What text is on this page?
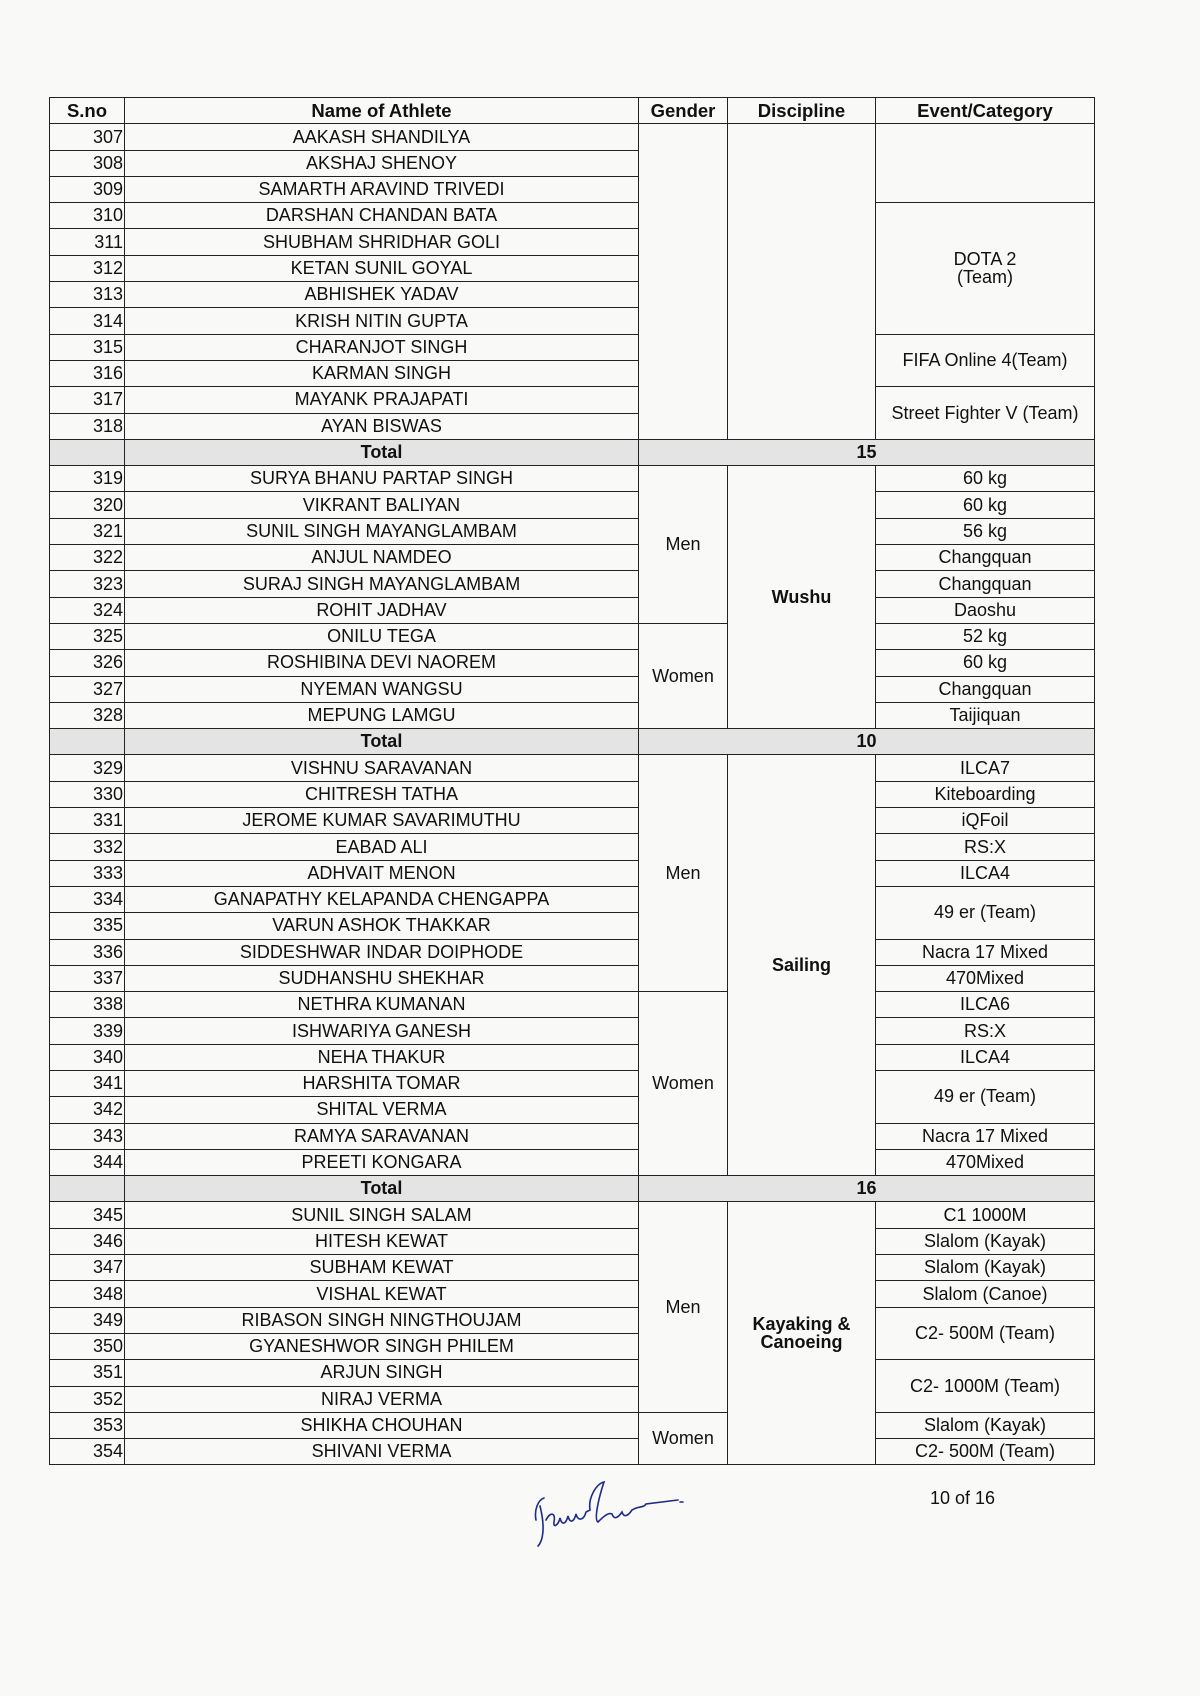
S.no	Name of Athlete	Gender	Discipline	Event/Category
307	AAKASH SHANDILYA			
308	AKSHAJ SHENOY			
309	SAMARTH ARAVIND TRIVEDI			
310	DARSHAN CHANDAN BATA			DOTA 2
(Team)
311	SHUBHAM SHRIDHAR GOLI			
312	KETAN SUNIL GOYAL			
313	ABHISHEK YADAV			
314	KRISH NITIN GUPTA			
315	CHARANJOT SINGH			FIFA Online 4(Team)
316	KARMAN SINGH			
317	MAYANK PRAJAPATI			Street Fighter V (Team)
318	AYAN BISWAS			
	Total	15		
319	SURYA BHANU PARTAP SINGH	Men	Wushu	60 kg
320	VIKRANT BALIYAN			60 kg
321	SUNIL SINGH MAYANGLAMBAM			56 kg
322	ANJUL NAMDEO			Changquan
323	SURAJ SINGH MAYANGLAMBAM			Changquan
324	ROHIT JADHAV			Daoshu
325	ONILU TEGA	Women		52 kg
326	ROSHIBINA DEVI NAOREM			60 kg
327	NYEMAN WANGSU			Changquan
328	MEPUNG LAMGU			Taijiquan
	Total	10		
329	VISHNU SARAVANAN	Men	Sailing	ILCA7
330	CHITRESH TATHA			Kiteboarding
331	JEROME KUMAR SAVARIMUTHU			iQFoil
332	EABAD ALI			RS:X
333	ADHVAIT MENON			ILCA4
334	GANAPATHY KELAPANDA CHENGAPPA			49 er (Team)
335	VARUN ASHOK THAKKAR			
336	SIDDESHWAR INDAR DOIPHODE			Nacra 17 Mixed
337	SUDHANSHU SHEKHAR			470Mixed
338	NETHRA KUMANAN	Women		ILCA6
339	ISHWARIYA GANESH			RS:X
340	NEHA THAKUR			ILCA4
341	HARSHITA TOMAR			49 er (Team)
342	SHITAL VERMA			
343	RAMYA SARAVANAN			Nacra 17 Mixed
344	PREETI KONGARA			470Mixed
	Total	16		
345	SUNIL SINGH SALAM	Men	Kayaking & Canoeing	C1 1000M
346	HITESH KEWAT			Slalom (Kayak)
347	SUBHAM KEWAT			Slalom (Kayak)
348	VISHAL KEWAT			Slalom (Canoe)
349	RIBASON SINGH NINGTHOUJAM			C2- 500M (Team)
350	GYANESHWOR SINGH PHILEM			
351	ARJUN SINGH			C2- 1000M (Team)
352	NIRAJ VERMA			
353	SHIKHA CHOUHAN	Women		Slalom (Kayak)
354	SHIVANI VERMA			C2- 500M (Team)
10 of 16
